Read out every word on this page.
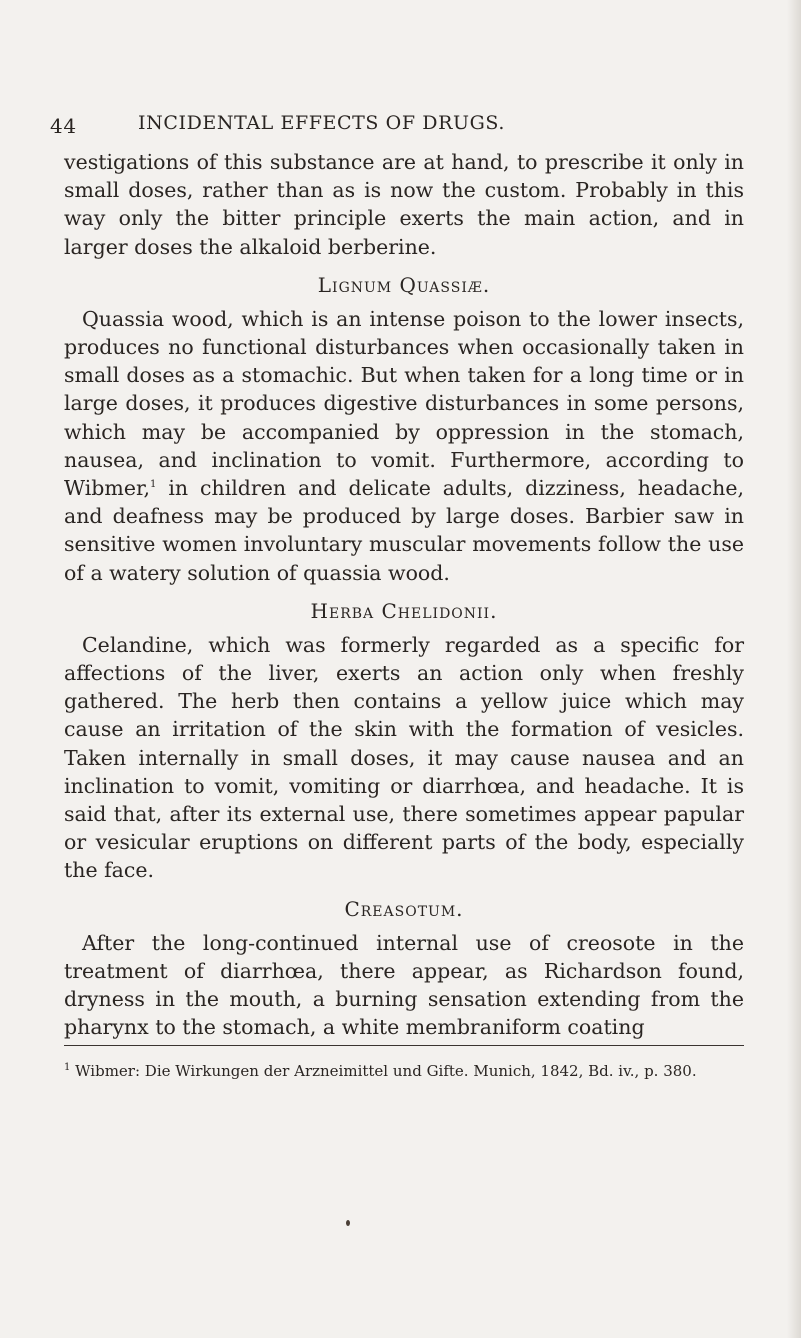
44	INCIDENTAL EFFECTS OF DRUGS.

vestigations of this substance are at hand, to prescribe it only in small doses, rather than as is now the custom. Probably in this way only the bitter principle exerts the main action, and in larger doses the alkaloid berberine.

Lignum Quassiæ.

Quassia wood, which is an intense poison to the lower insects, produces no functional disturbances when occasionally taken in small doses as a stomachic. But when taken for a long time or in large doses, it produces digestive disturbances in some persons, which may be accompanied by oppression in the stomach, nausea, and inclination to vomit. Furthermore, according to Wibmer,$^1$ in children and delicate adults, dizziness, headache, and deafness may be produced by large doses. Barbier saw in sensitive women involuntary muscular movements follow the use of a watery solution of quassia wood.

Herba Chelidonii.

Celandine, which was formerly regarded as a specific for affections of the liver, exerts an action only when freshly gathered. The herb then contains a yellow juice which may cause an irritation of the skin with the formation of vesicles. Taken internally in small doses, it may cause nausea and an inclination to vomit, vomiting or diarrhœa, and headache. It is said that, after its external use, there sometimes appear papular or vesicular eruptions on different parts of the body, especially the face.

Creasotum.

After the long-continued internal use of creosote in the treatment of diarrhœa, there appear, as Richardson found, dryness in the mouth, a burning sensation extending from the pharynx to the stomach, a white membraniform coating

$^1$ Wibmer: Die Wirkungen der Arzneimittel und Gifte. Munich, 1842, Bd. iv., p. 380.
